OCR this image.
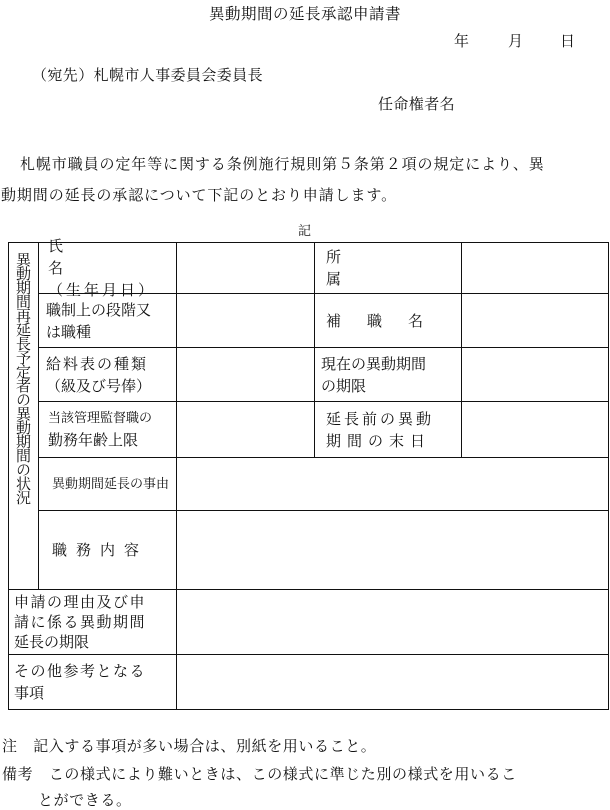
異動期間の延長承認申請書
年	月 日
（宛先）札幌市人事委員会委員長
任命権者名
札幌市職員の定年等に関する条例施行規則第５条第２項の規定により、異
動期間の延長の承認について下記のとおり申請します。
記
異動期間再延長予定者の異動期間の状況
氏
名
（生年月日）
所
属
職制上の段階又
は職種
補職名
給料表の種類
（級及び号俸）
現在の異動期間
の期限
当該管理監督職の
勤務年齢上限
延長前の異動
期間の末日
異動期間延長の事由
職務内容
申請の理由及び申
請に係る異動期間
延長の期限
その他参考となる
事項
注　記入する事項が多い場合は、別紙を用いること。
備考　この様式により難いときは、この様式に準じた別の様式を用いるこ
とができる。
